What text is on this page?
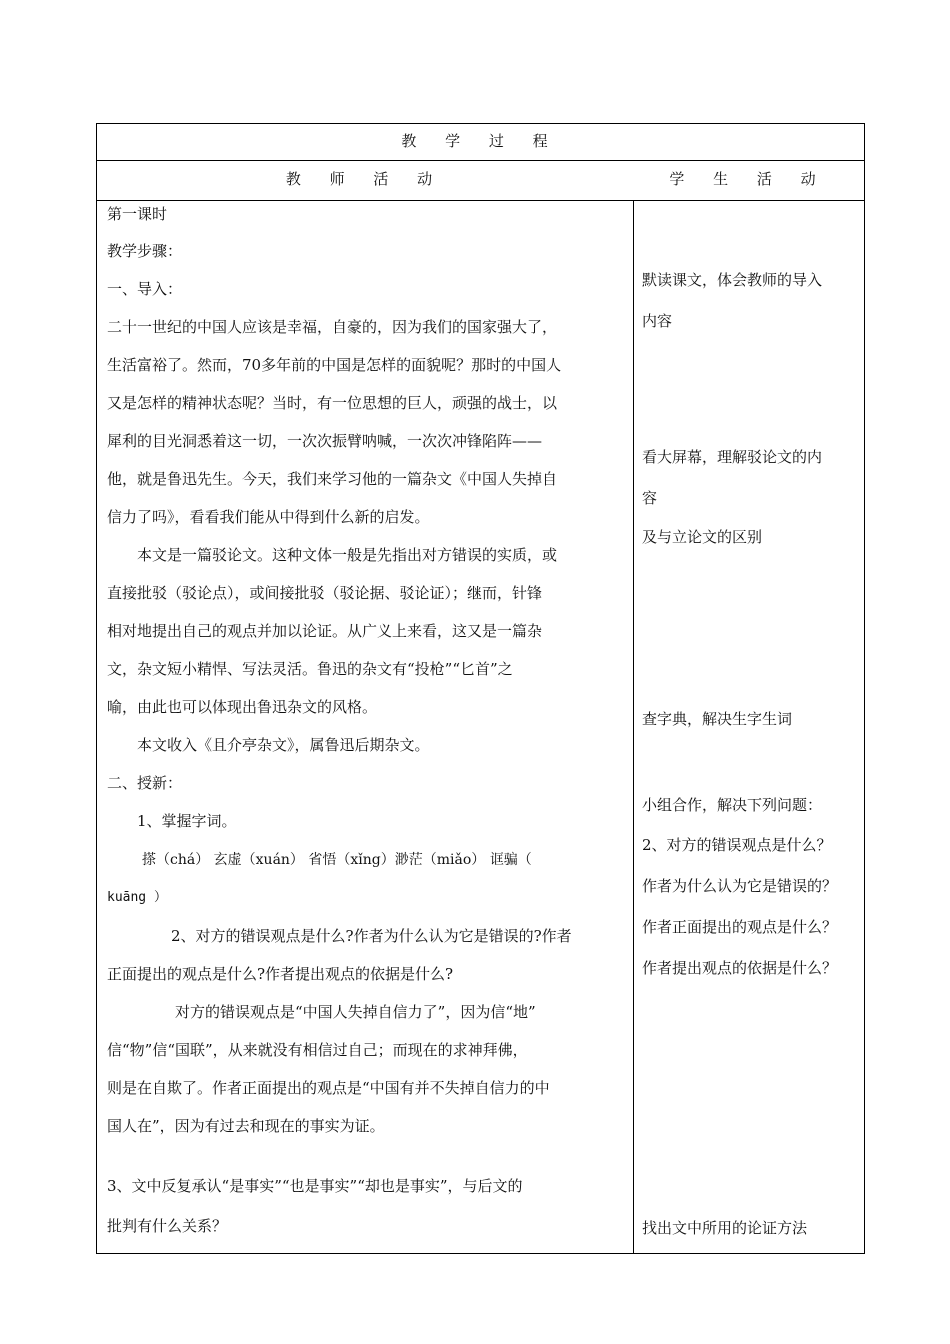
教 学 过 程
教 师 活 动	学 生 活 动
第一课时
教学步骤：
一、导入：
二十一世纪的中国人应该是幸福，自豪的，因为我们的国家强大了，
生活富裕了。然而，70多年前的中国是怎样的面貌呢？那时的中国人
又是怎样的精神状态呢？当时，有一位思想的巨人，顽强的战士，以
犀利的目光洞悉着这一切，一次次振臂呐喊，一次次冲锋陷阵——
他，就是鲁迅先生。今天，我们来学习他的一篇杂文《中国人失掉自
信力了吗》，看看我们能从中得到什么新的启发。
本文是一篇驳论文。这种文体一般是先指出对方错误的实质，或
直接批驳（驳论点），或间接批驳（驳论据、驳论证）；继而，针锋
相对地提出自己的观点并加以论证。从广义上来看，这又是一篇杂
文，杂文短小精悍、写法灵活。鲁迅的杂文有“投枪”“匕首”之
喻，由此也可以体现出鲁迅杂文的风格。
本文收入《且介亭杂文》，属鲁迅后期杂文。
二、授新：
1、掌握字词。
搽（chá） 玄虚（xuán） 省悟（xǐng）渺茫（miǎo） 诓骗（
kuāng ）
2、对方的错误观点是什么?作者为什么认为它是错误的?作者
正面提出的观点是什么?作者提出观点的依据是什么?
对方的错误观点是“中国人失掉自信力了”，因为信“地”
信“物”信“国联”，从来就没有相信过自己；而现在的求神拜佛，
则是在自欺了。作者正面提出的观点是“中国有并不失掉自信力的中
国人在”，因为有过去和现在的事实为证。
3、文中反复承认“是事实”“也是事实”“却也是事实”，与后文的
批判有什么关系？
默读课文，体会教师的导入
内容
看大屏幕，理解驳论文的内
容
及与立论文的区别
查字典，解决生字生词
小组合作，解决下列问题：
2、对方的错误观点是什么？
作者为什么认为它是错误的？
作者正面提出的观点是什么？
作者提出观点的依据是什么？
找出文中所用的论证方法
